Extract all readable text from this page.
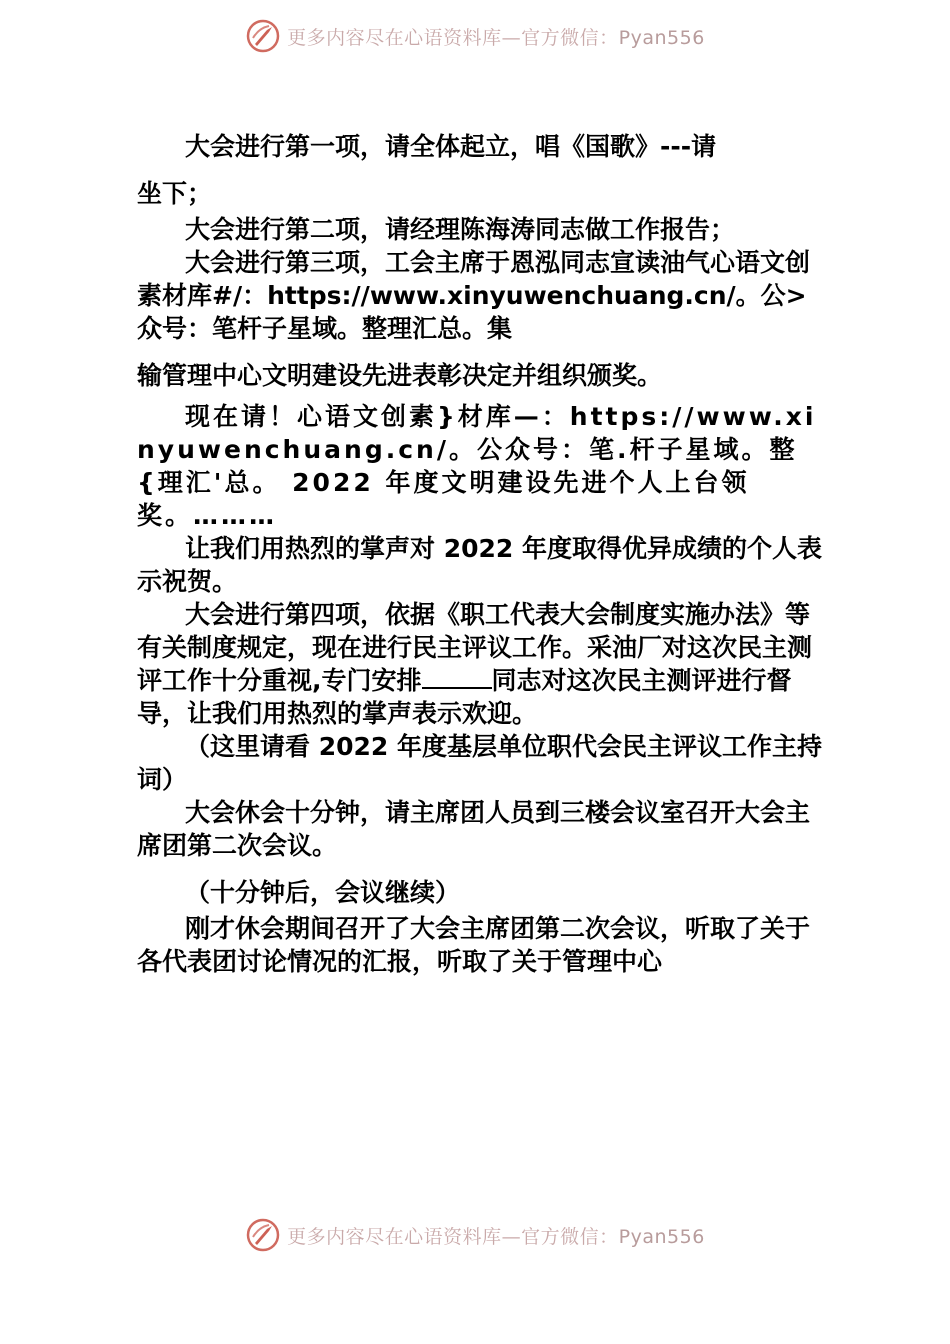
更多内容尽在心语资料库—官方微信：Pyan556

大会进行第一项，请全体起立，唱《国歌》---请

坐下；

大会进行第二项，请经理陈海涛同志做工作报告；

大会进行第三项，工会主席于恩泓同志宣读油气心语文创素材库#/：https://www.xinyuwenchuang.cn/。公>众号：笔杆子星域。整理汇总。集

输管理中心文明建设先进表彰决定并组织颁奖。

现在请！心语文创素}材库—：https://www.xinyuwenchuang.cn/。公众号：笔.杆子星域。整{理汇'总。 2022 年度文明建设先进个人上台领奖。………

让我们用热烈的掌声对 2022 年度取得优异成绩的个人表示祝贺。

大会进行第四项，依据《职工代表大会制度实施办法》等有关制度规定，现在进行民主评议工作。采油厂对这次民主测评工作十分重视,专门安排	同志对这次民主测评进行督导，让我们用热烈的掌声表示欢迎。

（这里请看 2022 年度基层单位职代会民主评议工作主持词）

大会休会十分钟，请主席团人员到三楼会议室召开大会主席团第二次会议。

（十分钟后，会议继续）

刚才休会期间召开了大会主席团第二次会议，听取了关于各代表团讨论情况的汇报，听取了关于管理中心

更多内容尽在心语资料库—官方微信：Pyan556
